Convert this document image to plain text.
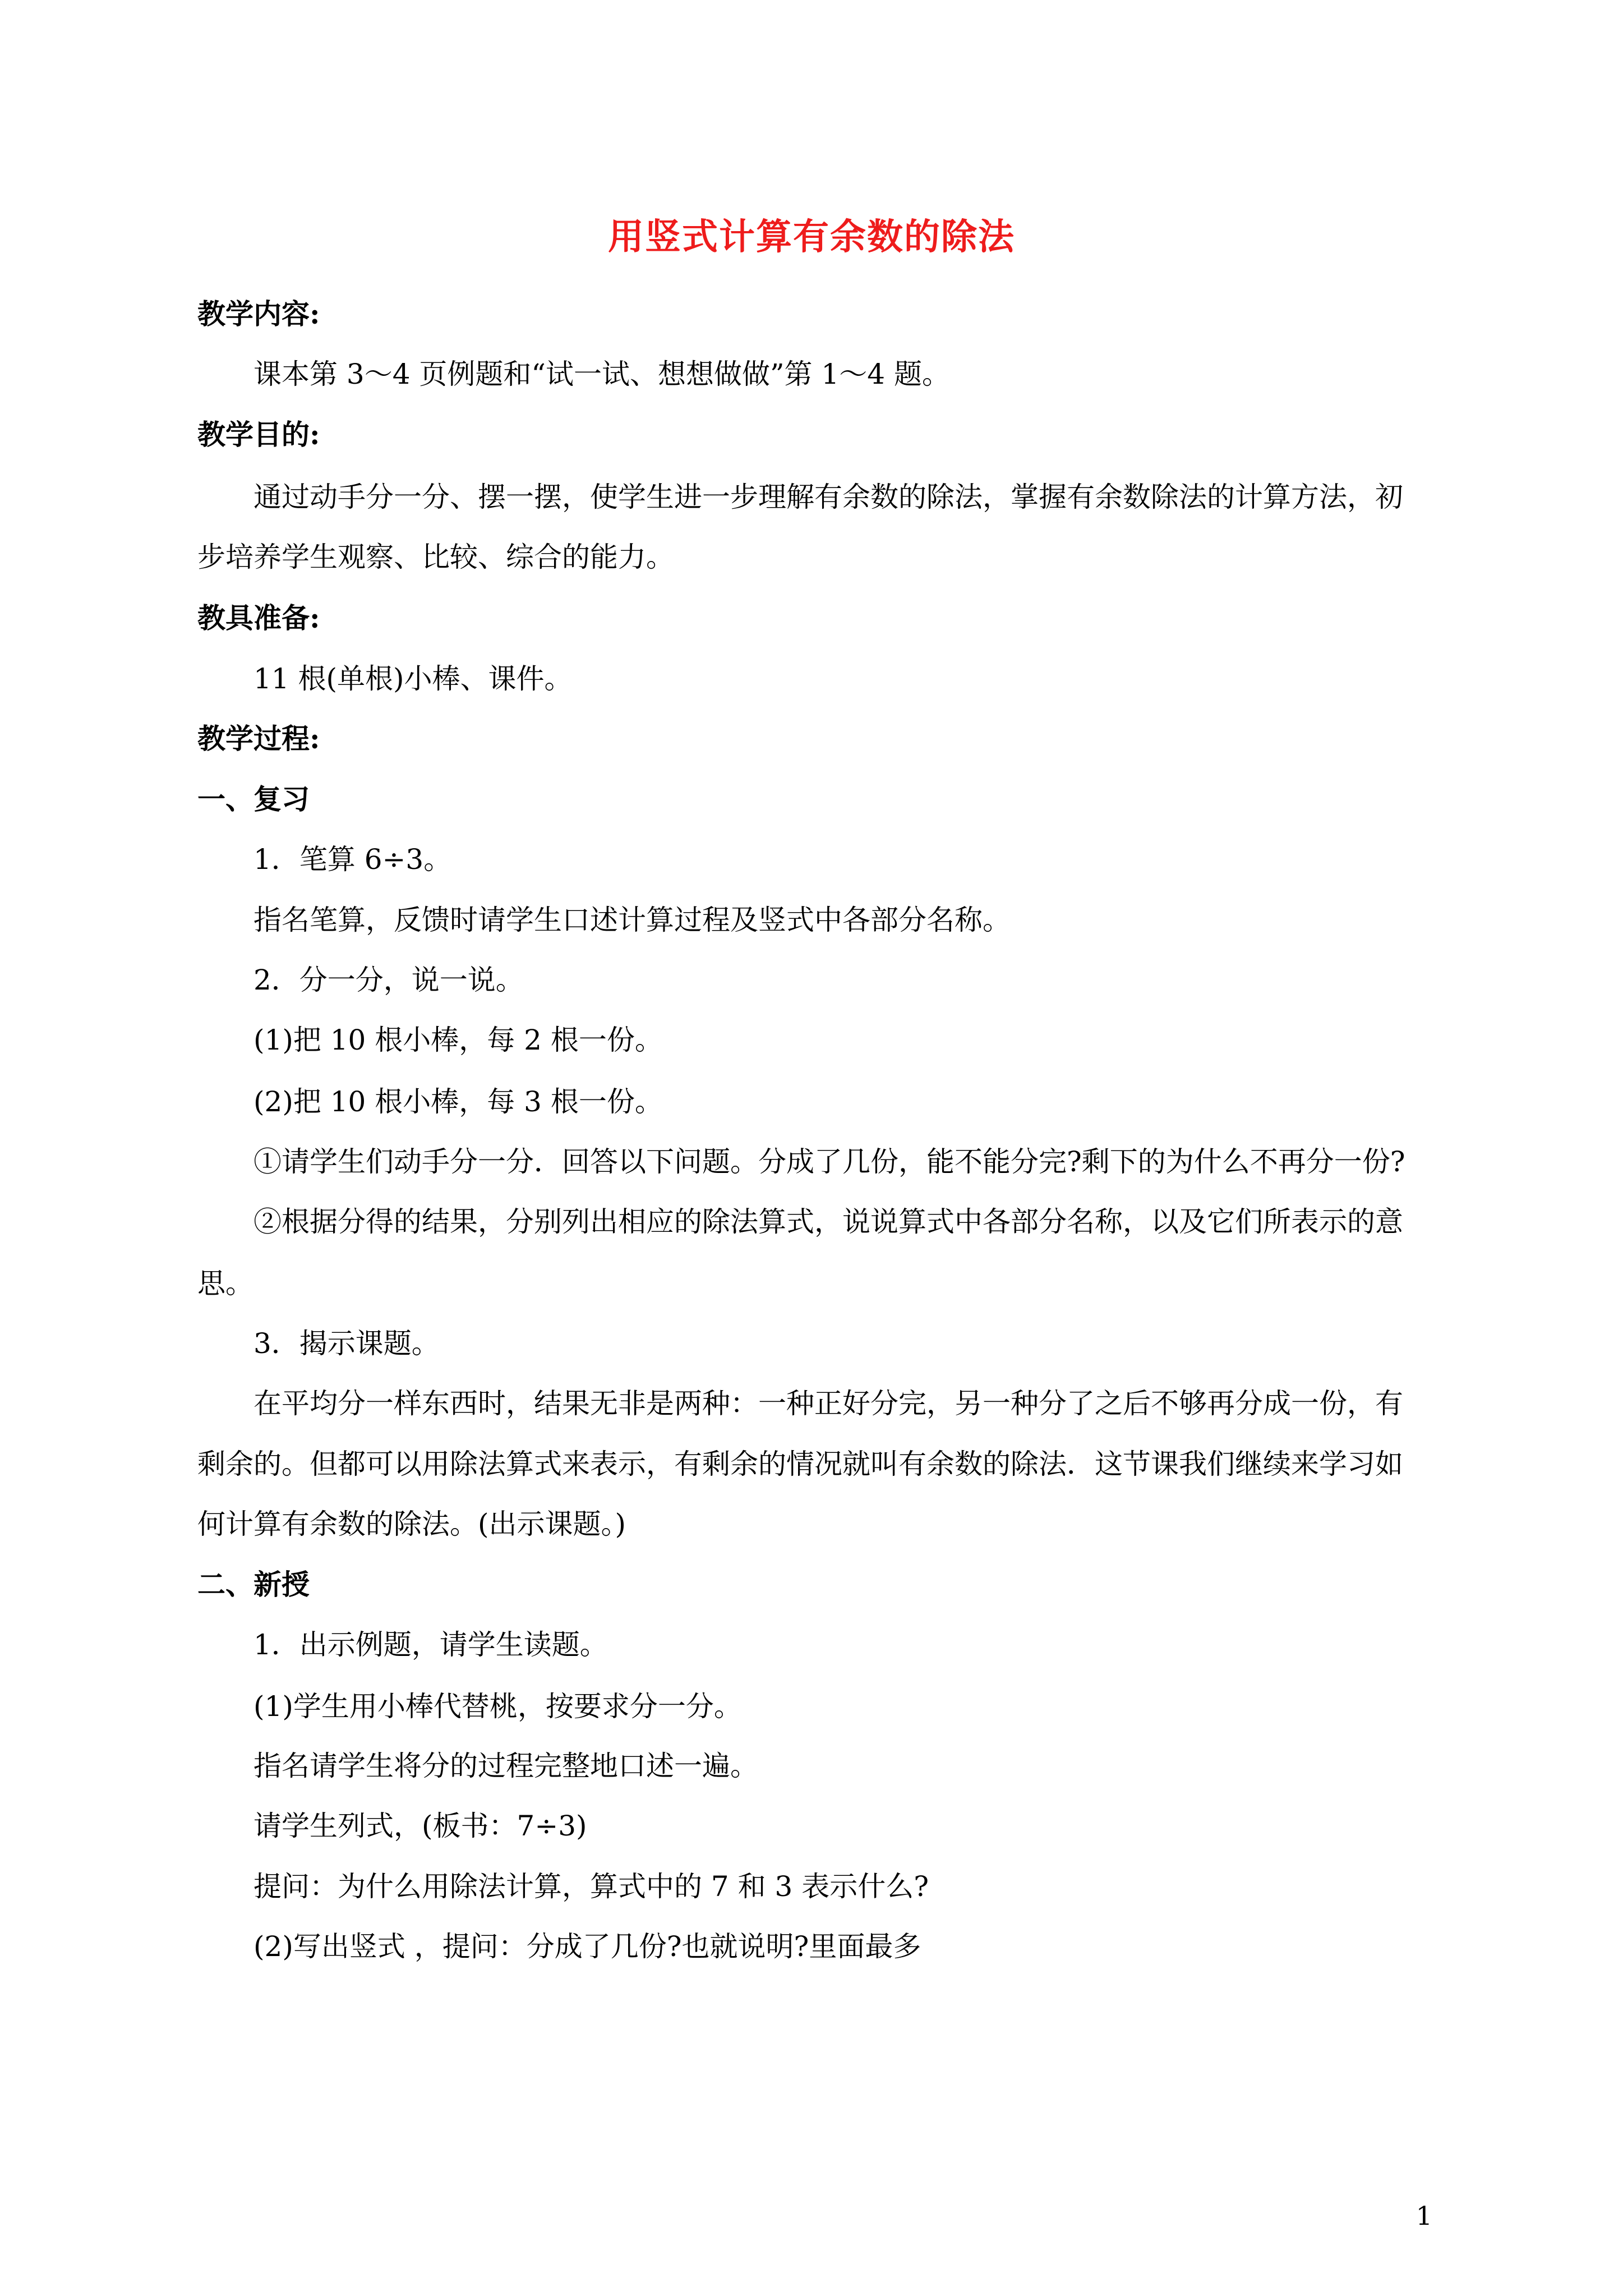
用竖式计算有余数的除法
教学内容:
课本第 3～4 页例题和“试一试、想想做做”第 1～4 题。
教学目的:
通过动手分一分、摆一摆，使学生进一步理解有余数的除法，掌握有余数除法的计算方法，初
步培养学生观察、比较、综合的能力。
教具准备:
11 根(单根)小棒、课件。
教学过程:
一、复习
1．笔算 6÷3。
指名笔算，反馈时请学生口述计算过程及竖式中各部分名称。
2．分一分，说一说。
(1)把 10 根小棒，每 2 根一份。
(2)把 10 根小棒，每 3 根一份。
①请学生们动手分一分．回答以下问题。分成了几份，能不能分完?剩下的为什么不再分一份?
②根据分得的结果，分别列出相应的除法算式，说说算式中各部分名称，以及它们所表示的意
思。
3．揭示课题。
在平均分一样东西时，结果无非是两种：一种正好分完，另一种分了之后不够再分成一份，有
剩余的。但都可以用除法算式来表示，有剩余的情况就叫有余数的除法．这节课我们继续来学习如
何计算有余数的除法。(出示课题。)
二、新授
1．出示例题，请学生读题。
(1)学生用小棒代替桃，按要求分一分。
指名请学生将分的过程完整地口述一遍。
请学生列式，(板书：7÷3)
提问：为什么用除法计算，算式中的 7 和 3 表示什么?
(2)写出竖式 ，提问：分成了几份?也就说明?里面最多
1
